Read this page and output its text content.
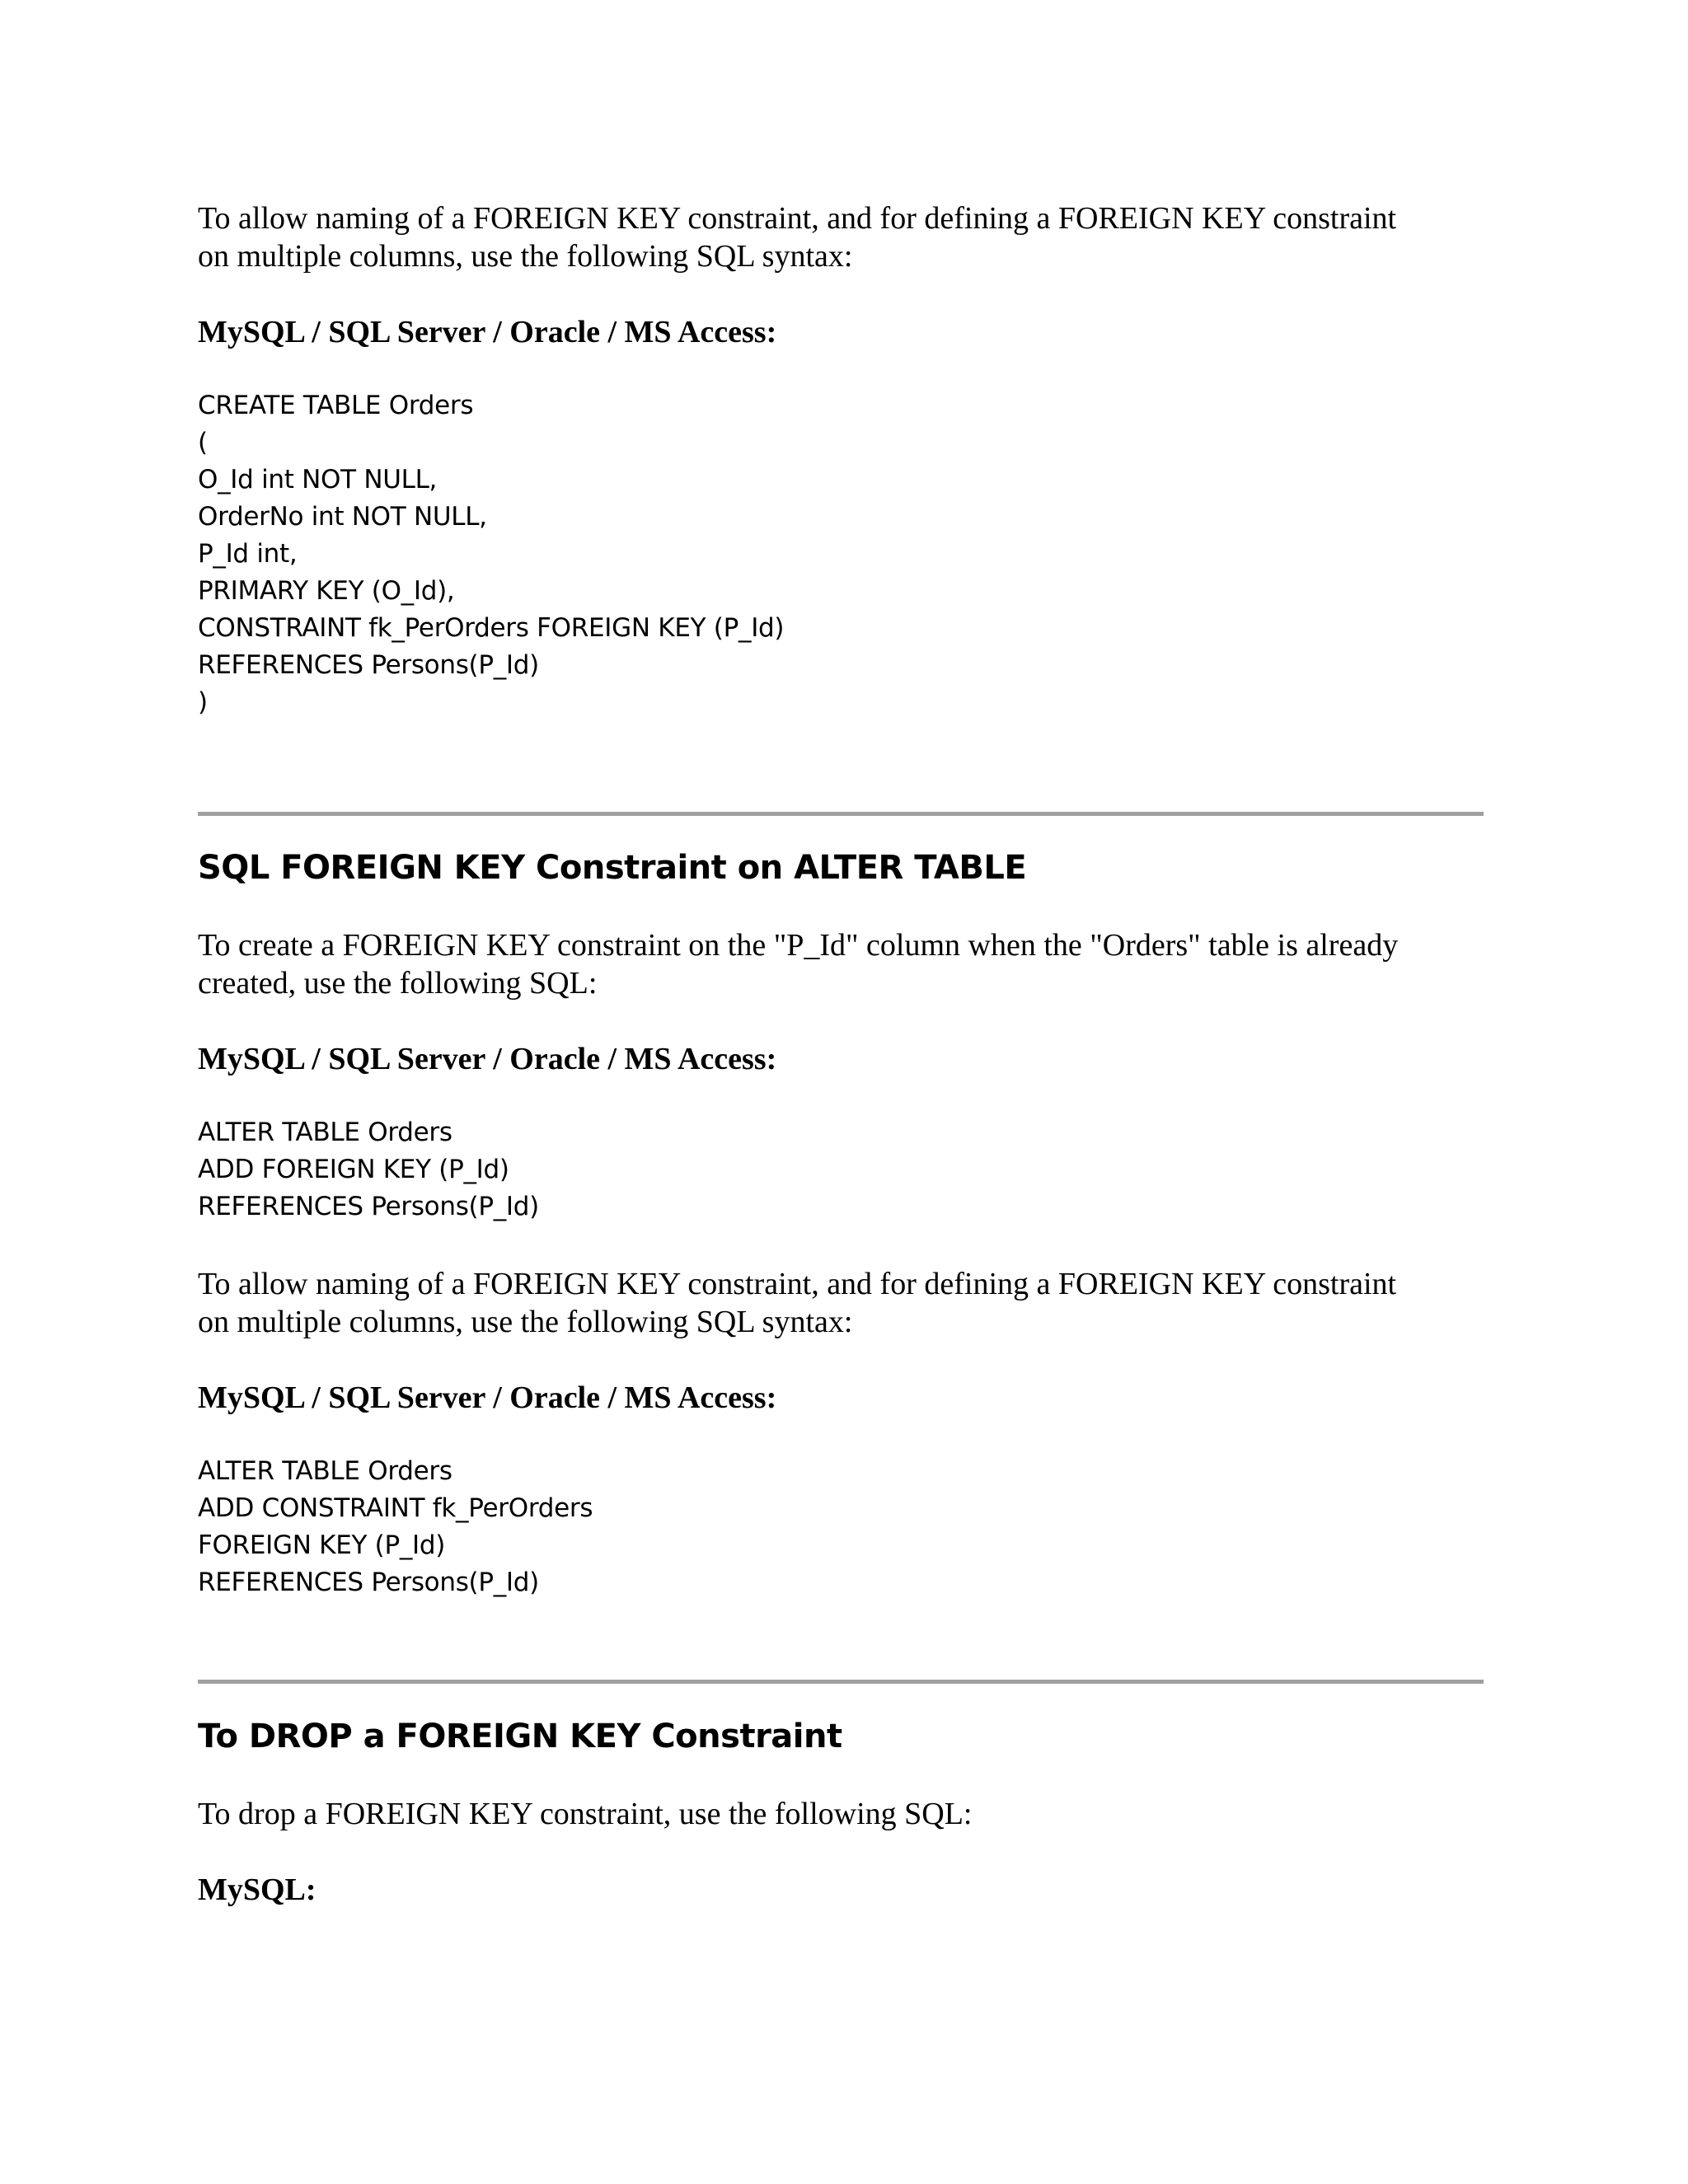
To allow naming of a FOREIGN KEY constraint, and for defining a FOREIGN KEY constraint
on multiple columns, use the following SQL syntax:

MySQL / SQL Server / Oracle / MS Access:

CREATE TABLE Orders
(
O_Id int NOT NULL,
OrderNo int NOT NULL,
P_Id int,
PRIMARY KEY (O_Id),
CONSTRAINT fk_PerOrders FOREIGN KEY (P_Id)
REFERENCES Persons(P_Id)
)
SQL FOREIGN KEY Constraint on ALTER TABLE

To create a FOREIGN KEY constraint on the "P_Id" column when the "Orders" table is already
created, use the following SQL:

MySQL / SQL Server / Oracle / MS Access:

ALTER TABLE Orders
ADD FOREIGN KEY (P_Id)
REFERENCES Persons(P_Id)

To allow naming of a FOREIGN KEY constraint, and for defining a FOREIGN KEY constraint
on multiple columns, use the following SQL syntax:

MySQL / SQL Server / Oracle / MS Access:

ALTER TABLE Orders
ADD CONSTRAINT fk_PerOrders
FOREIGN KEY (P_Id)
REFERENCES Persons(P_Id)
To DROP a FOREIGN KEY Constraint

To drop a FOREIGN KEY constraint, use the following SQL:

MySQL:
